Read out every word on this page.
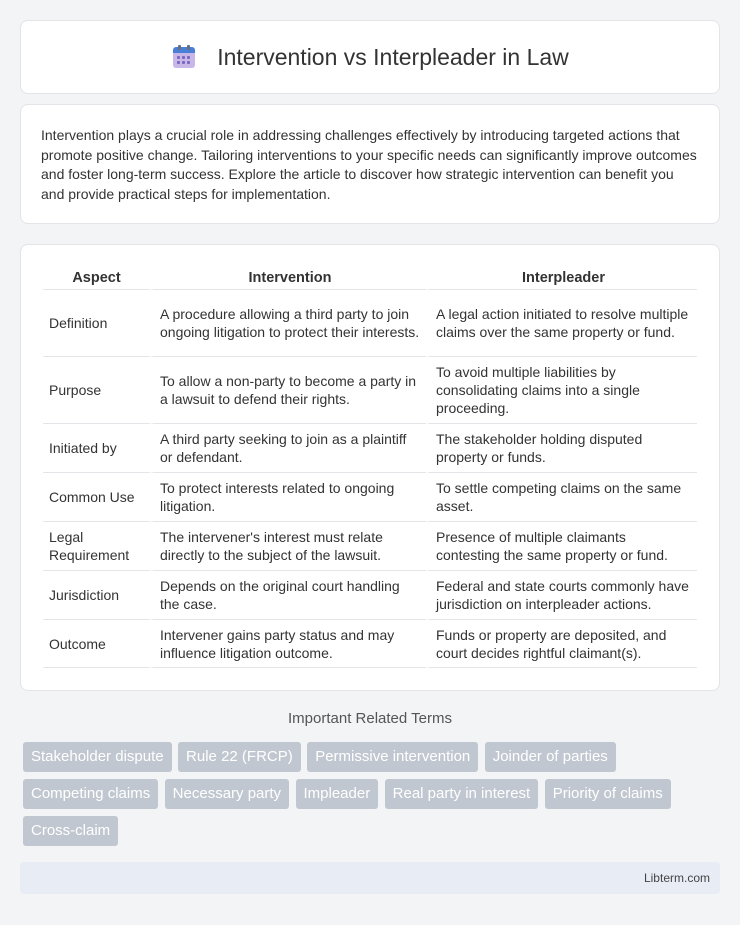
Intervention vs Interpleader in Law

Intervention plays a crucial role in addressing challenges effectively by introducing targeted actions that promote positive change. Tailoring interventions to your specific needs can significantly improve outcomes and foster long-term success. Explore the article to discover how strategic intervention can benefit you and provide practical steps for implementation.

Aspect	Intervention	Interpleader
Definition	A procedure allowing a third party to join ongoing litigation to protect their interests.	A legal action initiated to resolve multiple claims over the same property or fund.
Purpose	To allow a non-party to become a party in a lawsuit to defend their rights.	To avoid multiple liabilities by consolidating claims into a single proceeding.
Initiated by	A third party seeking to join as a plaintiff or defendant.	The stakeholder holding disputed property or funds.
Common Use	To protect interests related to ongoing litigation.	To settle competing claims on the same asset.
Legal Requirement	The intervener's interest must relate directly to the subject of the lawsuit.	Presence of multiple claimants contesting the same property or fund.
Jurisdiction	Depends on the original court handling the case.	Federal and state courts commonly have jurisdiction on interpleader actions.
Outcome	Intervener gains party status and may influence litigation outcome.	Funds or property are deposited, and court decides rightful claimant(s).
Important Related Terms
Stakeholder dispute Rule 22 (FRCP) Permissive intervention Joinder of parties Competing claims Necessary party Impleader Real party in interest Priority of claims Cross-claim
Libterm.com
